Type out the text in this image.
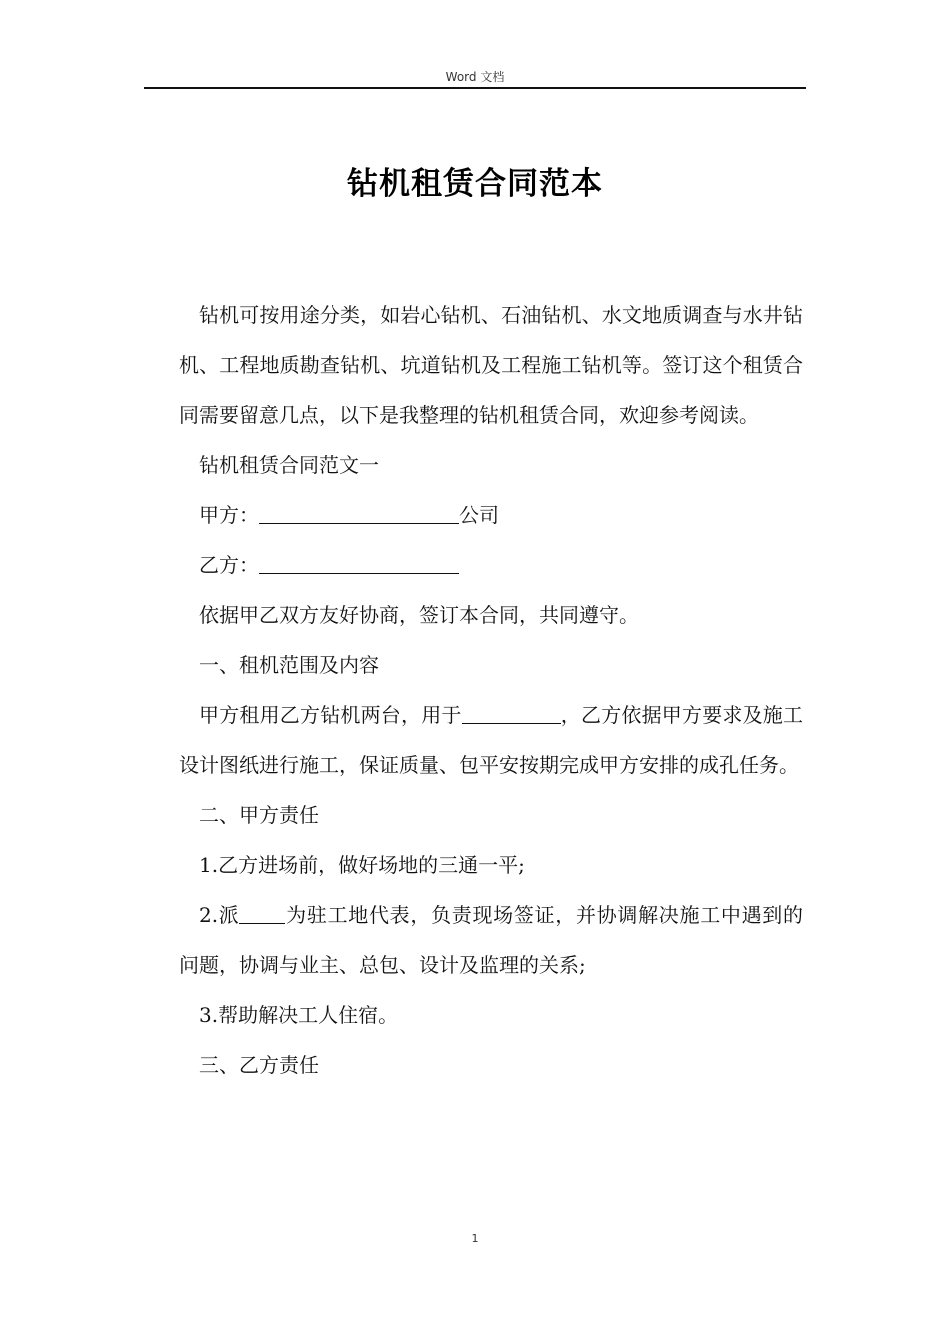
Word 文档
钻机租赁合同范本

钻机可按用途分类，如岩心钻机、石油钻机、水文地质调查与水井钻机、工程地质勘查钻机、坑道钻机及工程施工钻机等。签订这个租赁合同需要留意几点，以下是我整理的钻机租赁合同，欢迎参考阅读。

钻机租赁合同范文一

甲方：	公司

乙方：

依据甲乙双方友好协商，签订本合同，共同遵守。

一、租机范围及内容

甲方租用乙方钻机两台，用于	，乙方依据甲方要求及施工设计图纸进行施工，保证质量、包平安按期完成甲方安排的成孔任务。

二、甲方责任

1.乙方进场前，做好场地的三通一平;

2.派 为驻工地代表，负责现场签证，并协调解决施工中遇到的问题，协调与业主、总包、设计及监理的关系;

3.帮助解决工人住宿。

三、乙方责任

1
